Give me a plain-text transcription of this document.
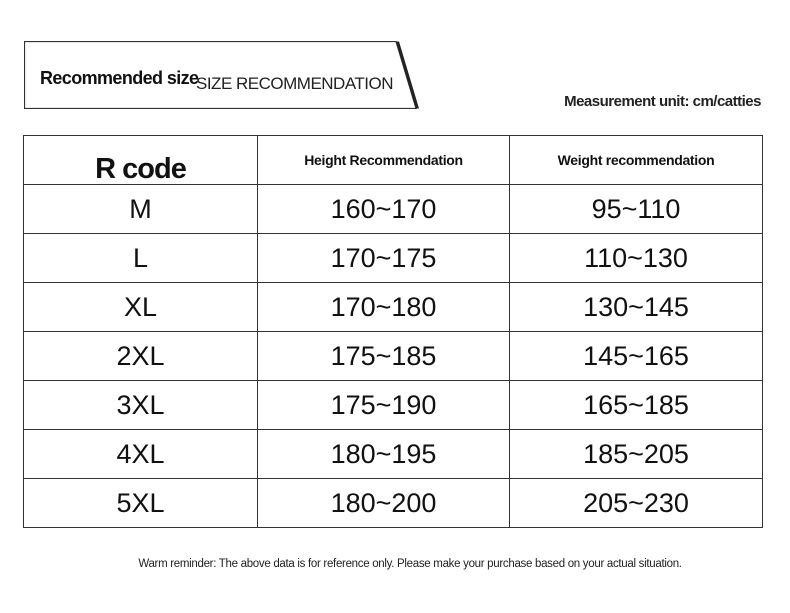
Recommended size
SIZE RECOMMENDATION
Measurement unit: cm/catties
R code	Height Recommendation	Weight recommendation
M	160~170	95~110
L	170~175	110~130
XL	170~180	130~145
2XL	175~185	145~165
3XL	175~190	165~185
4XL	180~195	185~205
5XL	180~200	205~230
Warm reminder: The above data is for reference only. Please make your purchase based on your actual situation.
